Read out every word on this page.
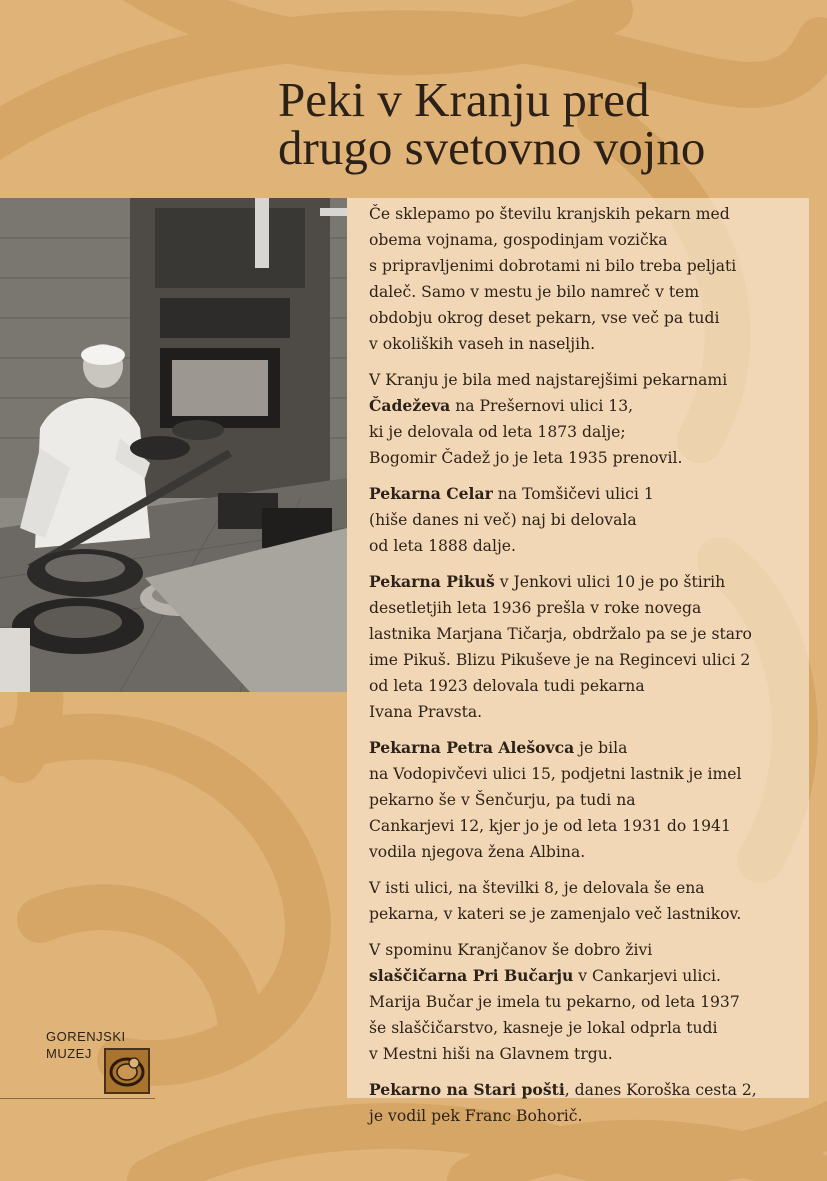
Peki v Kranju pred
drugo svetovno vojno
Če sklepamo po številu kranjskih pekarn med
obema vojnama, gospodinjam vozička
s pripravljenimi dobrotami ni bilo treba peljati
daleč. Samo v mestu je bilo namreč v tem
obdobju okrog deset pekarn, vse več pa tudi
v okoliških vaseh in naseljih.
V Kranju je bila med najstarejšimi pekarnami
Čadeževa na Prešernovi ulici 13,
ki je delovala od leta 1873 dalje;
Bogomir Čadež jo je leta 1935 prenovil.
Pekarna Celar na Tomšičevi ulici 1
(hiše danes ni več) naj bi delovala
od leta 1888 dalje.
Pekarna Pikuš v Jenkovi ulici 10 je po štirih
desetletjih leta 1936 prešla v roke novega
lastnika Marjana Tičarja, obdržalo pa se je staro
ime Pikuš. Blizu Pikuševe je na Regincevi ulici 2
od leta 1923 delovala tudi pekarna
Ivana Pravsta.
Pekarna Petra Alešovca je bila
na Vodopivčevi ulici 15, podjetni lastnik je imel
pekarno še v Šenčurju, pa tudi na
Cankarjevi 12, kjer jo je od leta 1931 do 1941
vodila njegova žena Albina.
V isti ulici, na številki 8, je delovala še ena
pekarna, v kateri se je zamenjalo več lastnikov.
V spominu Kranjčanov še dobro živi
slaščičarna Pri Bučarju v Cankarjevi ulici.
Marija Bučar je imela tu pekarno, od leta 1937
še slaščičarstvo, kasneje je lokal odprla tudi
v Mestni hiši na Glavnem trgu.
Pekarno na Stari pošti, danes Koroška cesta 2,
je vodil pek Franc Bohorič.
GORENJSKI
MUZEJ
